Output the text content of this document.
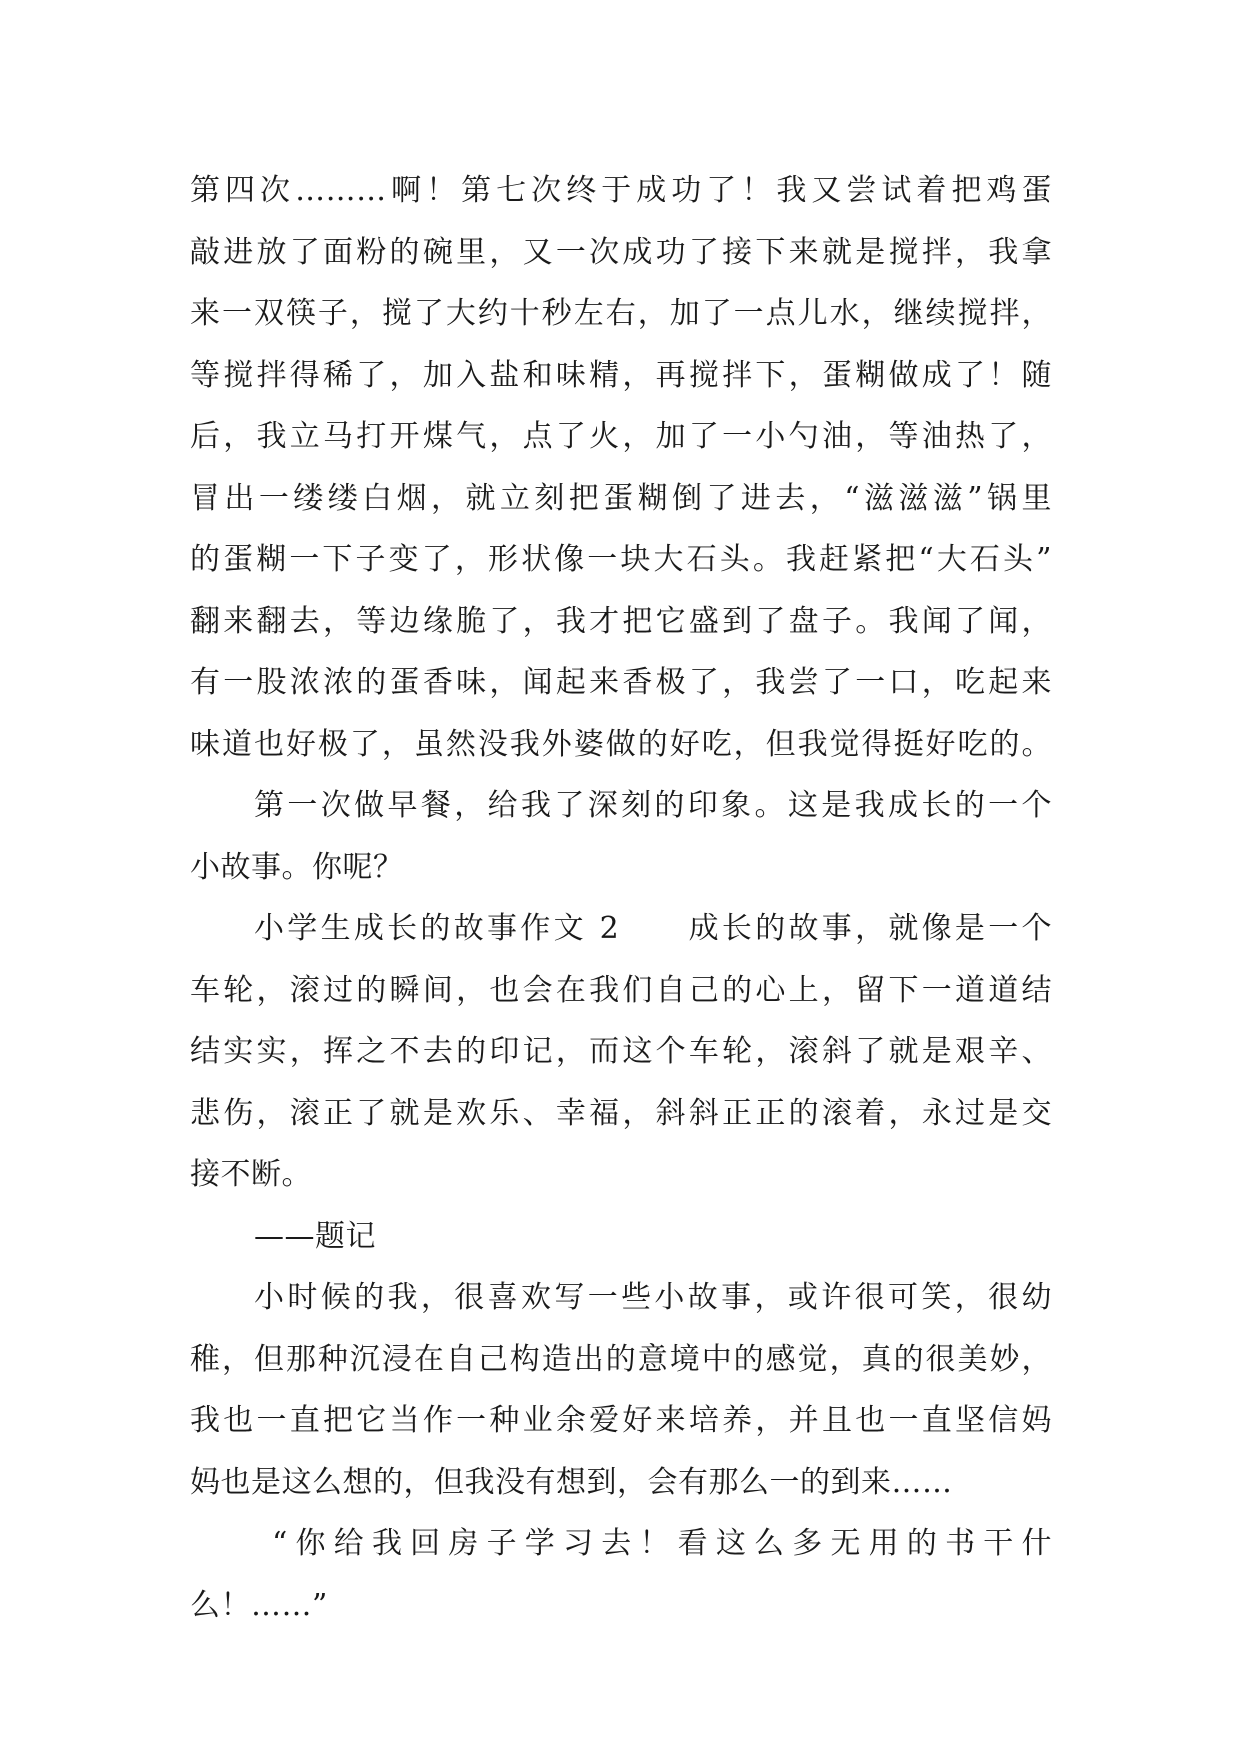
第四次………啊！第七次终于成功了！我又尝试着把鸡蛋
敲进放了面粉的碗里，又一次成功了接下来就是搅拌，我拿
来一双筷子，搅了大约十秒左右，加了一点儿水，继续搅拌，
等搅拌得稀了，加入盐和味精，再搅拌下，蛋糊做成了！随
后，我立马打开煤气，点了火，加了一小勺油，等油热了，
冒出一缕缕白烟，就立刻把蛋糊倒了进去，“滋滋滋”锅里
的蛋糊一下子变了，形状像一块大石头。我赶紧把“大石头”
翻来翻去，等边缘脆了，我才把它盛到了盘子。我闻了闻，
有一股浓浓的蛋香味，闻起来香极了，我尝了一口，吃起来
味道也好极了，虽然没我外婆做的好吃，但我觉得挺好吃的。
第一次做早餐，给我了深刻的印象。这是我成长的一个
小故事。你呢？
小学生成长的故事作文 2　　成长的故事，就像是一个
车轮，滚过的瞬间，也会在我们自己的心上，留下一道道结
结实实，挥之不去的印记，而这个车轮，滚斜了就是艰辛、
悲伤，滚正了就是欢乐、幸福，斜斜正正的滚着，永过是交
接不断。
——题记
小时候的我，很喜欢写一些小故事，或许很可笑，很幼
稚，但那种沉浸在自己构造出的意境中的感觉，真的很美妙，
我也一直把它当作一种业余爱好来培养，并且也一直坚信妈
妈也是这么想的，但我没有想到，会有那么一的到来……
“你给我回房子学习去！看这么多无用的书干什
么！……”
